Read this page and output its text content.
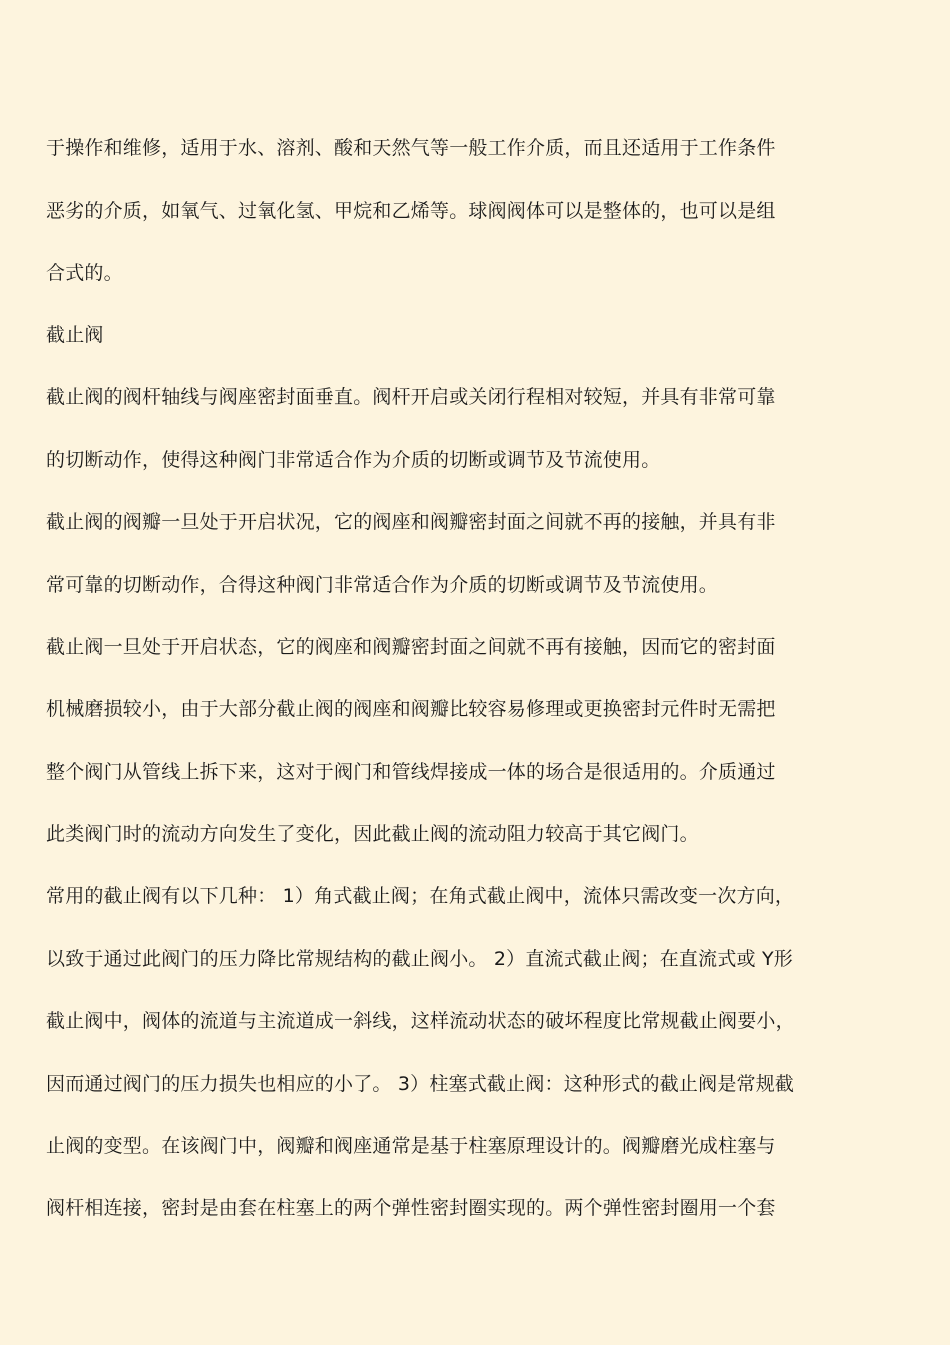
于操作和维修，适用于水、溶剂、酸和天然气等一般工作介质，而且还适用于工作条件
恶劣的介质，如氧气、过氧化氢、甲烷和乙烯等。球阀阀体可以是整体的，也可以是组
合式的。
截止阀
截止阀的阀杆轴线与阀座密封面垂直。阀杆开启或关闭行程相对较短，并具有非常可靠
的切断动作，使得这种阀门非常适合作为介质的切断或调节及节流使用。
截止阀的阀瓣一旦处于开启状况，它的阀座和阀瓣密封面之间就不再的接触，并具有非
常可靠的切断动作，合得这种阀门非常适合作为介质的切断或调节及节流使用。
截止阀一旦处于开启状态，它的阀座和阀瓣密封面之间就不再有接触，因而它的密封面
机械磨损较小，由于大部分截止阀的阀座和阀瓣比较容易修理或更换密封元件时无需把
整个阀门从管线上拆下来，这对于阀门和管线焊接成一体的场合是很适用的。介质通过
此类阀门时的流动方向发生了变化，因此截止阀的流动阻力较高于其它阀门。
常用的截止阀有以下几种： 1）角式截止阀；在角式截止阀中，流体只需改变一次方向，
以致于通过此阀门的压力降比常规结构的截止阀小。 2）直流式截止阀；在直流式或 Y形
截止阀中，阀体的流道与主流道成一斜线，这样流动状态的破坏程度比常规截止阀要小，
因而通过阀门的压力损失也相应的小了。 3）柱塞式截止阀：这种形式的截止阀是常规截
止阀的变型。在该阀门中，阀瓣和阀座通常是基于柱塞原理设计的。阀瓣磨光成柱塞与
阀杆相连接，密封是由套在柱塞上的两个弹性密封圈实现的。两个弹性密封圈用一个套
